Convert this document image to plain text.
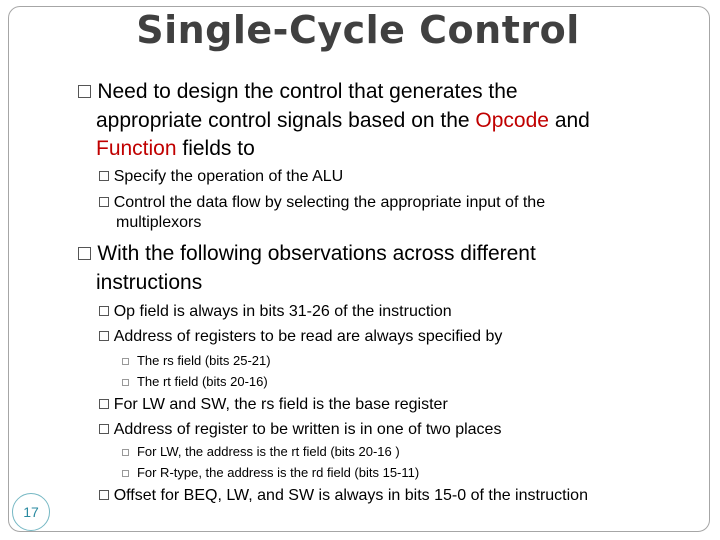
Single-Cycle Control
Need to design the control that generates the
appropriate control signals based on the Opcode and
Function fields to
Specify the operation of the ALU
Control the data flow by selecting the appropriate input of the
multiplexors
With the following observations across different
instructions
Op field is always in bits 31-26 of the instruction
Address of registers to be read are always specified by
The rs field (bits 25-21)
The rt field (bits 20-16)
For LW and SW, the rs field is the base register
Address of register to be written is in one of two places
For LW, the address is the rt field (bits 20-16 )
For R-type, the address is the rd field (bits 15-11)
Offset for BEQ, LW, and SW is always in bits 15-0 of the instruction
17
